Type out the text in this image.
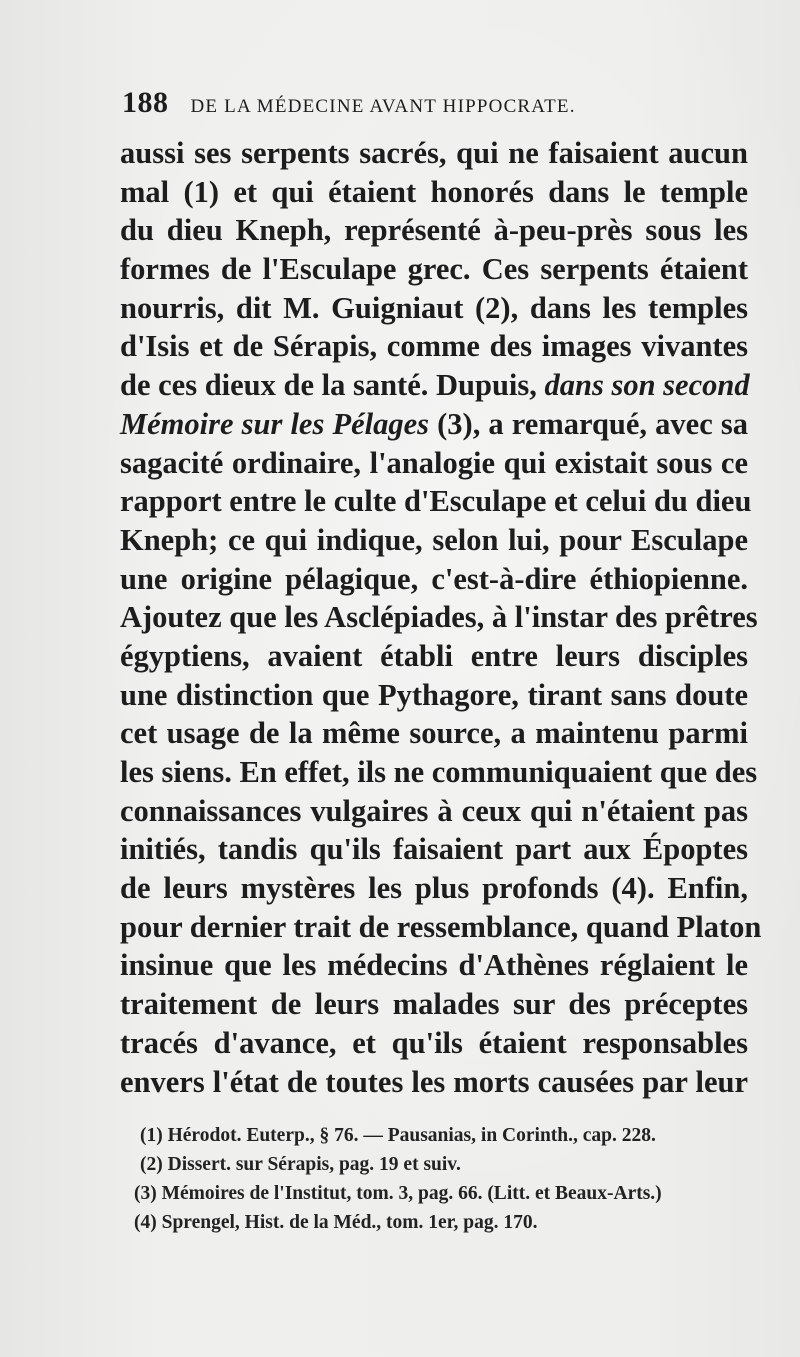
188 DE LA MÉDECINE AVANT HIPPOCRATE.
aussi ses serpents sacrés, qui ne faisaient aucun
mal (1) et qui étaient honorés dans le temple
du dieu Kneph, représenté à-peu-près sous les
formes de l'Esculape grec. Ces serpents étaient
nourris, dit M. Guigniaut (2), dans les temples
d'Isis et de Sérapis, comme des images vivantes
de ces dieux de la santé. Dupuis, dans son second
Mémoire sur les Pélages (3), a remarqué, avec sa
sagacité ordinaire, l'analogie qui existait sous ce
rapport entre le culte d'Esculape et celui du dieu
Kneph; ce qui indique, selon lui, pour Esculape
une origine pélagique, c'est-à-dire éthiopienne.
Ajoutez que les Asclépiades, à l'instar des prêtres
égyptiens, avaient établi entre leurs disciples
une distinction que Pythagore, tirant sans doute
cet usage de la même source, a maintenu parmi
les siens. En effet, ils ne communiquaient que des
connaissances vulgaires à ceux qui n'étaient pas
initiés, tandis qu'ils faisaient part aux Époptes
de leurs mystères les plus profonds (4). Enfin,
pour dernier trait de ressemblance, quand Platon
insinue que les médecins d'Athènes réglaient le
traitement de leurs malades sur des préceptes
tracés d'avance, et qu'ils étaient responsables
envers l'état de toutes les morts causées par leur
(1) Hérodot. Euterp., § 76. — Pausanias, in Corinth., cap. 228.
(2) Dissert. sur Sérapis, pag. 19 et suiv.
(3) Mémoires de l'Institut, tom. 3, pag. 66. (Litt. et Beaux-Arts.)
(4) Sprengel, Hist. de la Méd., tom. 1er, pag. 170.
